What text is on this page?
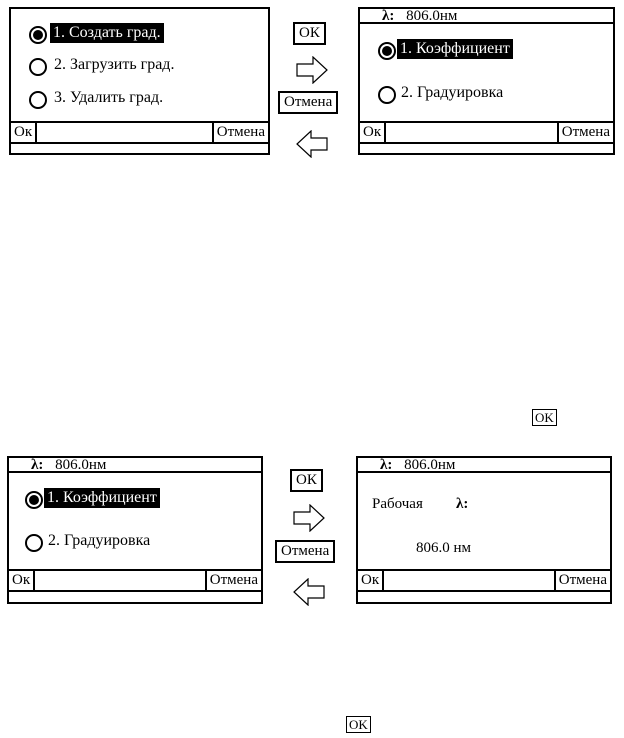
1. Создать град.
2. Загрузить град.
3. Удалить град.
Ок	Отмена
ОК
Отмена
λ: 806.0нм
1. Коэффициент
2. Градуировка
Ок	Отмена
OK
λ: 806.0нм
1. Коэффициент
2. Градуировка
Ок	Отмена
ОК
Отмена
λ: 806.0нм
Рабочая λ:
806.0 нм
Ок	Отмена
OK
